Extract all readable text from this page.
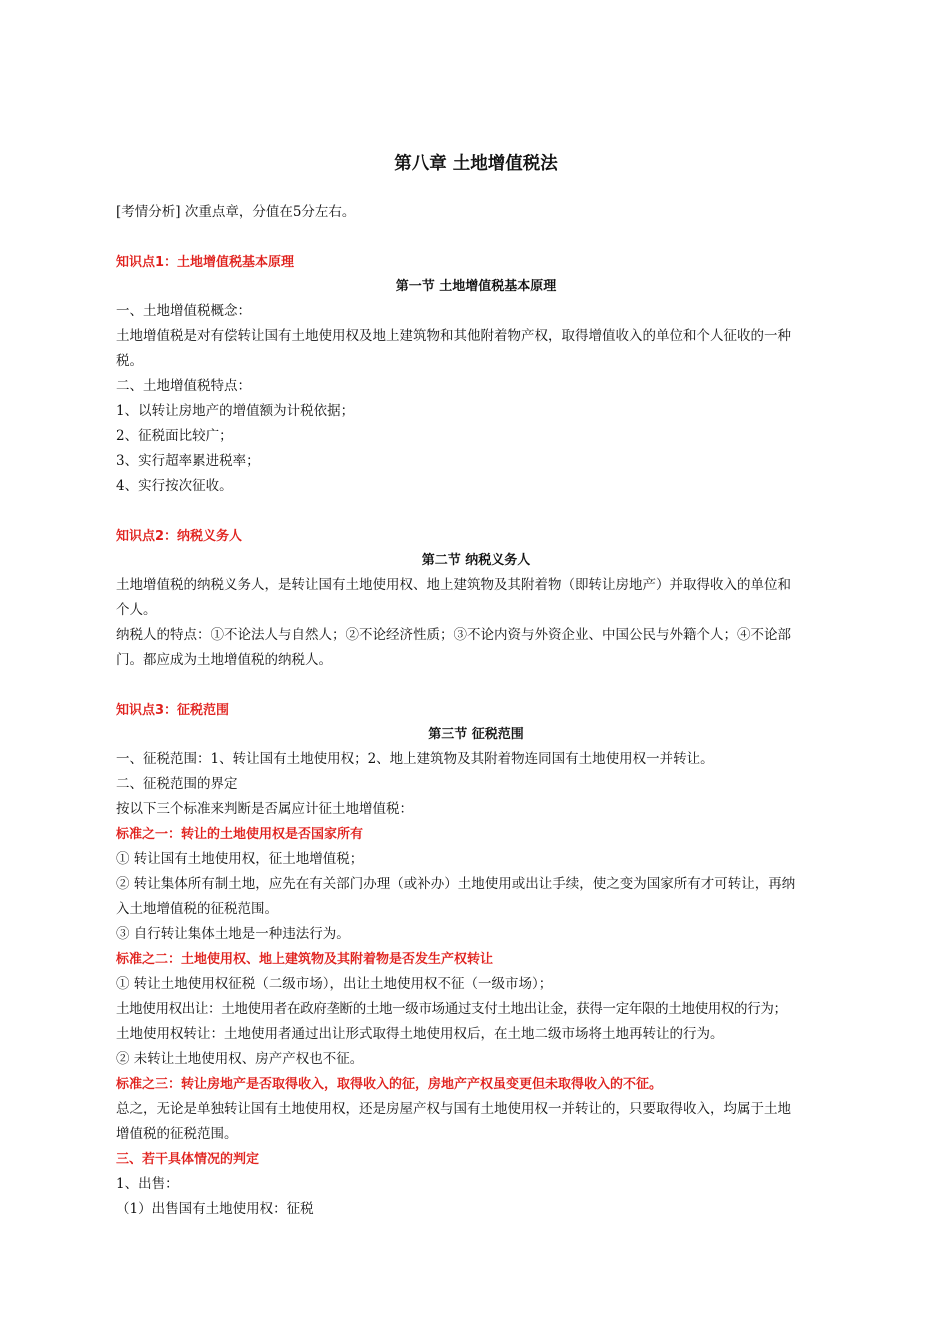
第八章 土地增值税法
[考情分析] 次重点章，分值在5分左右。
知识点1：土地增值税基本原理
第一节 土地增值税基本原理
一、土地增值税概念：
土地增值税是对有偿转让国有土地使用权及地上建筑物和其他附着物产权，取得增值收入的单位和个人征收的一种
税。
二、土地增值税特点：
1、以转让房地产的增值额为计税依据；
2、征税面比较广；
3、实行超率累进税率；
4、实行按次征收。
知识点2：纳税义务人
第二节 纳税义务人
土地增值税的纳税义务人，是转让国有土地使用权、地上建筑物及其附着物（即转让房地产）并取得收入的单位和
个人。
纳税人的特点：①不论法人与自然人；②不论经济性质；③不论内资与外资企业、中国公民与外籍个人；④不论部
门。都应成为土地增值税的纳税人。
知识点3：征税范围
第三节 征税范围
一、征税范围：1、转让国有土地使用权；2、地上建筑物及其附着物连同国有土地使用权一并转让。
二、征税范围的界定
按以下三个标准来判断是否属应计征土地增值税：
标准之一：转让的土地使用权是否国家所有
① 转让国有土地使用权，征土地增值税；
② 转让集体所有制土地，应先在有关部门办理（或补办）土地使用或出让手续，使之变为国家所有才可转让，再纳
入土地增值税的征税范围。
③ 自行转让集体土地是一种违法行为。
标准之二：土地使用权、地上建筑物及其附着物是否发生产权转让
① 转让土地使用权征税（二级市场），出让土地使用权不征（一级市场）；
土地使用权出让：土地使用者在政府垄断的土地一级市场通过支付土地出让金，获得一定年限的土地使用权的行为；
土地使用权转让：土地使用者通过出让形式取得土地使用权后，在土地二级市场将土地再转让的行为。
② 未转让土地使用权、房产产权也不征。
标准之三：转让房地产是否取得收入，取得收入的征，房地产产权虽变更但未取得收入的不征。
总之，无论是单独转让国有土地使用权，还是房屋产权与国有土地使用权一并转让的，只要取得收入，均属于土地
增值税的征税范围。
三、若干具体情况的判定
1、出售：
（1）出售国有土地使用权：征税
